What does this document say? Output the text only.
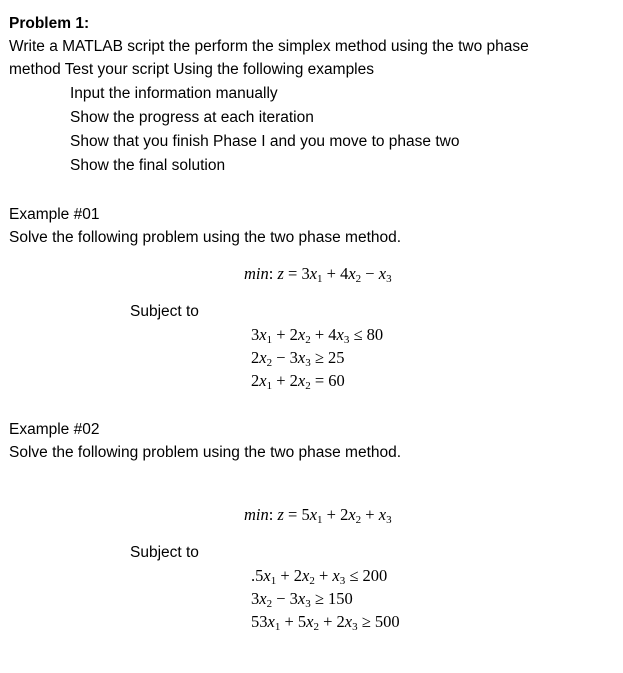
Problem 1:
Write a MATLAB script the perform the simplex method using the two phase
method Test your script Using the following examples
Input the information manually
Show the progress at each iteration
Show that you finish Phase I and you move to phase two
Show the final solution
Example #01
Solve the following problem using the two phase method.
min: $z = 3x_1 + 4x_2 - x_3$
Subject to
$3x_1 + 2x_2 + 4x_3 \le 80$
$2x_2 - 3x_3 \ge 25$
$2x_1 + 2x_2 = 60$
Example #02
Solve the following problem using the two phase method.
min: $z = 5x_1 + 2x_2 + x_3$
Subject to
$.5x_1 + 2x_2 + x_3 \le 200$
$3x_2 - 3x_3 \ge 150$
$53x_1 + 5x_2 + 2x_3 \ge 500$
